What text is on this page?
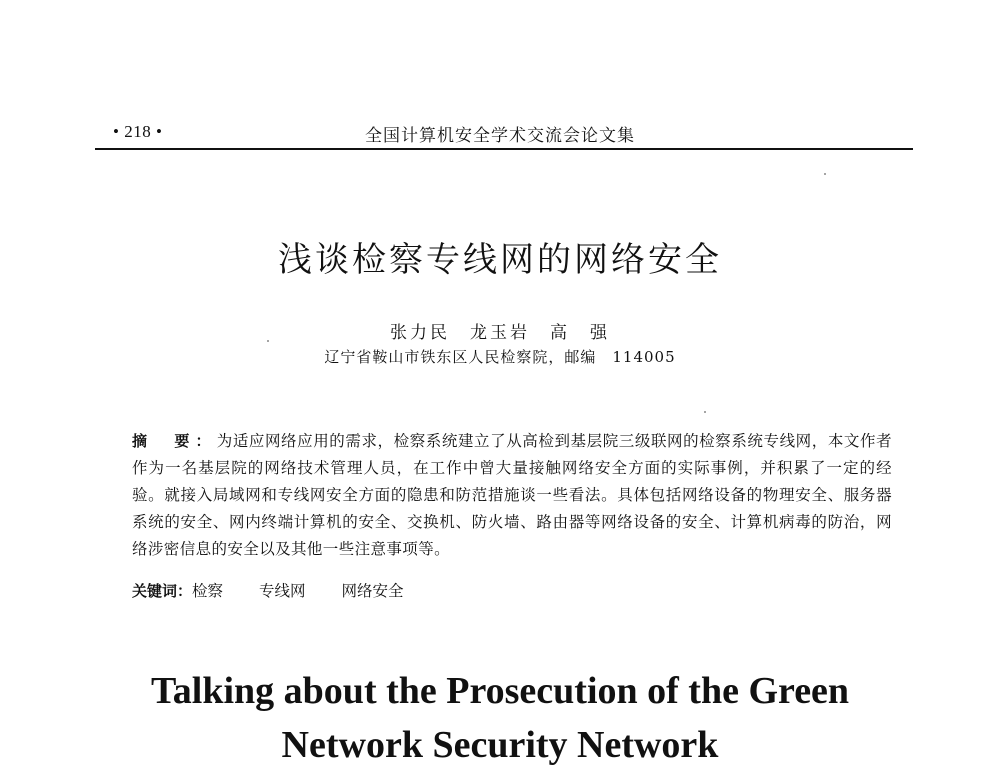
• 218 •	全国计算机安全学术交流会论文集
浅谈检察专线网的网络安全
张力民　龙玉岩　高　强
辽宁省鞍山市铁东区人民检察院，邮编　114005
摘　要：为适应网络应用的需求，检察系统建立了从高检到基层院三级联网的检察系统专线网，本文作者作为一名基层院的网络技术管理人员，在工作中曾大量接触网络安全方面的实际事例，并积累了一定的经验。就接入局域网和专线网安全方面的隐患和防范措施谈一些看法。具体包括网络设备的物理安全、服务器系统的安全、网内终端计算机的安全、交换机、防火墙、路由器等网络设备的安全、计算机病毒的防治，网络涉密信息的安全以及其他一些注意事项等。
关键词：检察 专线网 网络安全
Talking about the Prosecution of the Green
Network Security Network
